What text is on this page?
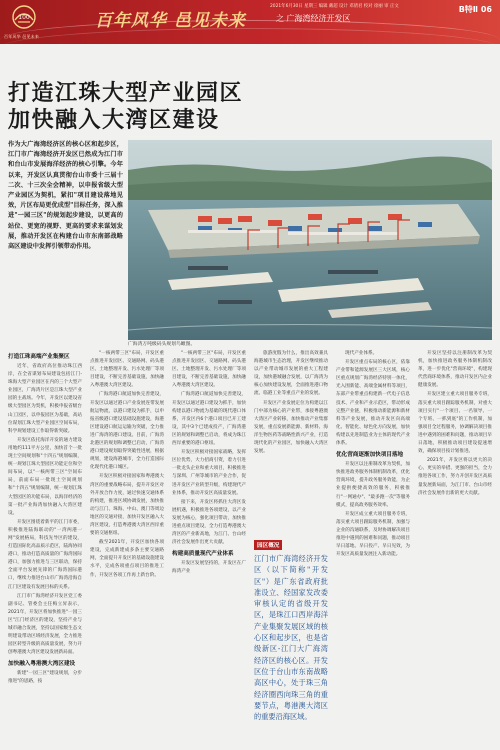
100
百年风华 邑见未来
百年风华 邑见未来
2021年6月30日 星期三 编辑 戴超 设计 邓倩君 校对 徐丽 审 正文
之 广海湾经济开发区
B特Ⅱ 06
打造江珠大型产业园区
加快融入大湾区建设
作为大广海湾经济区的核心区和起步区，江门市广海湾经济开发区已然成为江门市和台山市发展海洋经济的核心引擎。今年以来，开发区认真贯彻台山市委十三届十二次、十三次全会精神，以申报省级大型产业园区为契机，紧扣"项目建设落地见效，片区布局更优成型"目标任务，深入推进"一园三区"的规划起步建设，以更高的站位、更宽的视野、更高的要求来谋划发展，推动开发区在构建台山市东南部战略高区建设中发挥引领带动作用。
广海湾万吨级码头规划鸟瞰图。

打造江珠高端产业集聚区

近年，省政府高位推动珠江西岸，在全省谋划布局建设包括江门-珠海大型产业园区在内的三个大型产业园区，广海湾片区是江珠大型产业园的主战场。今年，开发区以建设省级大型园区为契机，积极申报省级台山工园区，以申报园区为基础，高站位谋划江珠大型产业园区空间布局，科学规划建设工作取得新突破。

开发区依托海洋开发的通力建设用地约111平方公里，加快首个一批现土空间规划和"十四五"规划编制，统一规划江珠大型园区功能定位和空间布局，以"一核两带三区"空间布局，前面布局一批现土空间规划和"十四五"规划编制，统一规划江珠大型园区的功能布局，以海洋经济的第一批产业海湾加快融入大湾区建设。

开发区围绕着新平的江门市委，积极推进陆海联动的"一湾两港一网"发展格局，科技先导区的建设，打造国际化高品质示范区，陆海协同港口，推动打造高质量的广海湾国际港口，加强力推进与三区联动，保持全面平台发展先锋的广海湾国际港口，继续力推进台山市广海湾沿海自江门区建设有发展目标的关系。

江门市广海湾经济开发区党工委副书记、管委会主任梅立昇表示，2021年，开发区将加快推进"一园三区"江门经济区的建设，坚持产业与城市融合发展，坚持以国家级生态文明建设带动区域经济发展，全力推进园区转型升级的高质量发展，努力开创粤港澳大湾区建设发展新局面。

加快融入粤港澳大湾区建设

新建"一园三区"建设规划，分步推进"的思路，按

"一核两带三区"布局，开发区重点推进开发园区、交通路网、码头港区、土地整理开发、污水处理厂等项目建设，不断完善基础设施，加快融入粤港澳大湾区建设。

广海湾港口航道加快完善建设，开发区以通过港口产业发展连带发展航运物流，以港口建设为抓手，以申报省级港口建设基础设施建设，海港区建设港口航运运输为突破，全力推进广海湾的港口建设。目前，广海湾北港区的规划和调整已启动，广海湾港口建设规划取得突破性进展，根据规划，建设海港城市，全力打造国际化现代化港口城区。

开发区积极对接国家和粤港澳大湾区的重要战略布局，提升开发区对外开放合作力度，通过快速交通体系的构建，推进区域协调发展，加快推动与江门、珠海、中山、澳门等周边地区的交通对接，加快开发区融入大湾区建设，打造粤港澳大湾区西岸重要的交通枢纽。

截至2021年，开发区加快各项建设，完成新建成多条主要交通路网，全面提升开发区的基础设施建设水平，完成各项重点项目的推进工作，开发区各项工作再上新台阶。

"一核两带三区"布局，开发区重点推进开发园区、交通路网、码头港区、土地整理开发、污水处理厂等项目建设，不断完善基础设施，加快融入粤港澳大湾区建设。

广海湾港口航道加快完善建设，开发区以通过港口建设为抓手，加快构建以港口物流为基础的现代港口体系，开发区内6个港口项目已开工建设，其中3个已建成投产，广海湾港区的规划和调整已启动，将成为珠江西岸重要的港口枢纽。

开发区积极对接国家战略，发挥区位优势，大力招商引资，着力引进一批龙头企业和重大项目，积极推进与深圳、广州等城市的产业合作，促进开发区产业转型升级，构建现代产业体系，推动开发区高质量发展。

接下来，开发区将抓住大湾区发展机遇，积极推进各项建设，以产业发展为核心，强化项目带动，加快推进重点项目建设，全力打造粤港澳大湾区的产业新高地，为江门、台山经济社会发展作出更大贡献。

构建高质量现代产业体系

开发区发展坚持的，开发区在广海湾产业

旅游度假为什么，推出高效兼具海港城市生态治理，开发区继续推动以产业带动城市发展的重大工程建设，加快港城融合发展，以广海湾为核心加快建设发展，全面推进港口物流、临港工业等重点产业的发展。

开发区产业发展定位为构建以江门中部为核心的产业带，承接粤港澳大湾区产业转移，加快推动产业集群发展，重点发展新能源、新材料、海洋生物医药等战略性新兴产业，打造现代化的产业园区，加快融入大湾区发展。

园区概况
江门市广海湾经济开发区（以下简称"开发区"）是广东省政府批准设立、经国家发改委审核认定的省级开发区，是珠江口西岸海洋产业集聚发展区域的核心区和起步区，也是省级新区-江门大广海湾经济区的核心区。开发区位于台山市东南战略高区中心，处于珠三角经济圈西向珠三角的重要节点，粤港澳大湾区的重要沿海区域。

现代产业体系。

开发区重点布局的核心区，依靠产业带和能源发展区三大区域，核心区重点规划广海湾经济特别一体化，光入围新能、高端金属材料等项目，东部产业带重点构建新一代电子信息技术、产业和产业示范区，带动形成完整产业链，积极推动新能源和新材料等产业发展，推动开发区向高端化、智能化、绿色化方向发展，加快构建以先进制造业为主体的现代产业体系。

优化营商逐渐加快项目落地

开发区以注册制改革为契机，加快推进政务服务体制机制改革，优化营商环境，提升政务服务效能，为企业提供便捷高效的服务，积极推行"一网通办"、"最多跑一次"等服务模式，提高政务服务效率。

开发区成立重大项目服务专班，落实重大项目跟踪服务机制，加强与企业的沟通联系，及时协调解决项目推进中遇到的困难和问题，推动项目早日落地、早日投产、早日见效，为开发区高质量发展注入新动能。

开发区坚持以注册制改革为契机，加快推进政务服务体制机制改革，进一步优化"营商环境"，构建现代营商环境体系，推动开发区内企业健康发展。

开发区建立重大项目服务专班，落实重大项目跟踪服务机制，对重大项目实行"一个项目、一名领导、一个专班、一抓到底"的工作机制，加强项目全过程服务，协调解决项目推进中遇到的困难和问题，推动项目早日落地，积极推动项目建设提速增效，确保项目按计划推进。

2021年，开发区将以更大的决心、更实的举措、更强的担当，全力推进各项工作，努力开创开发区高质量发展新局面，为江门市、台山市经济社会发展作出新的更大贡献。
